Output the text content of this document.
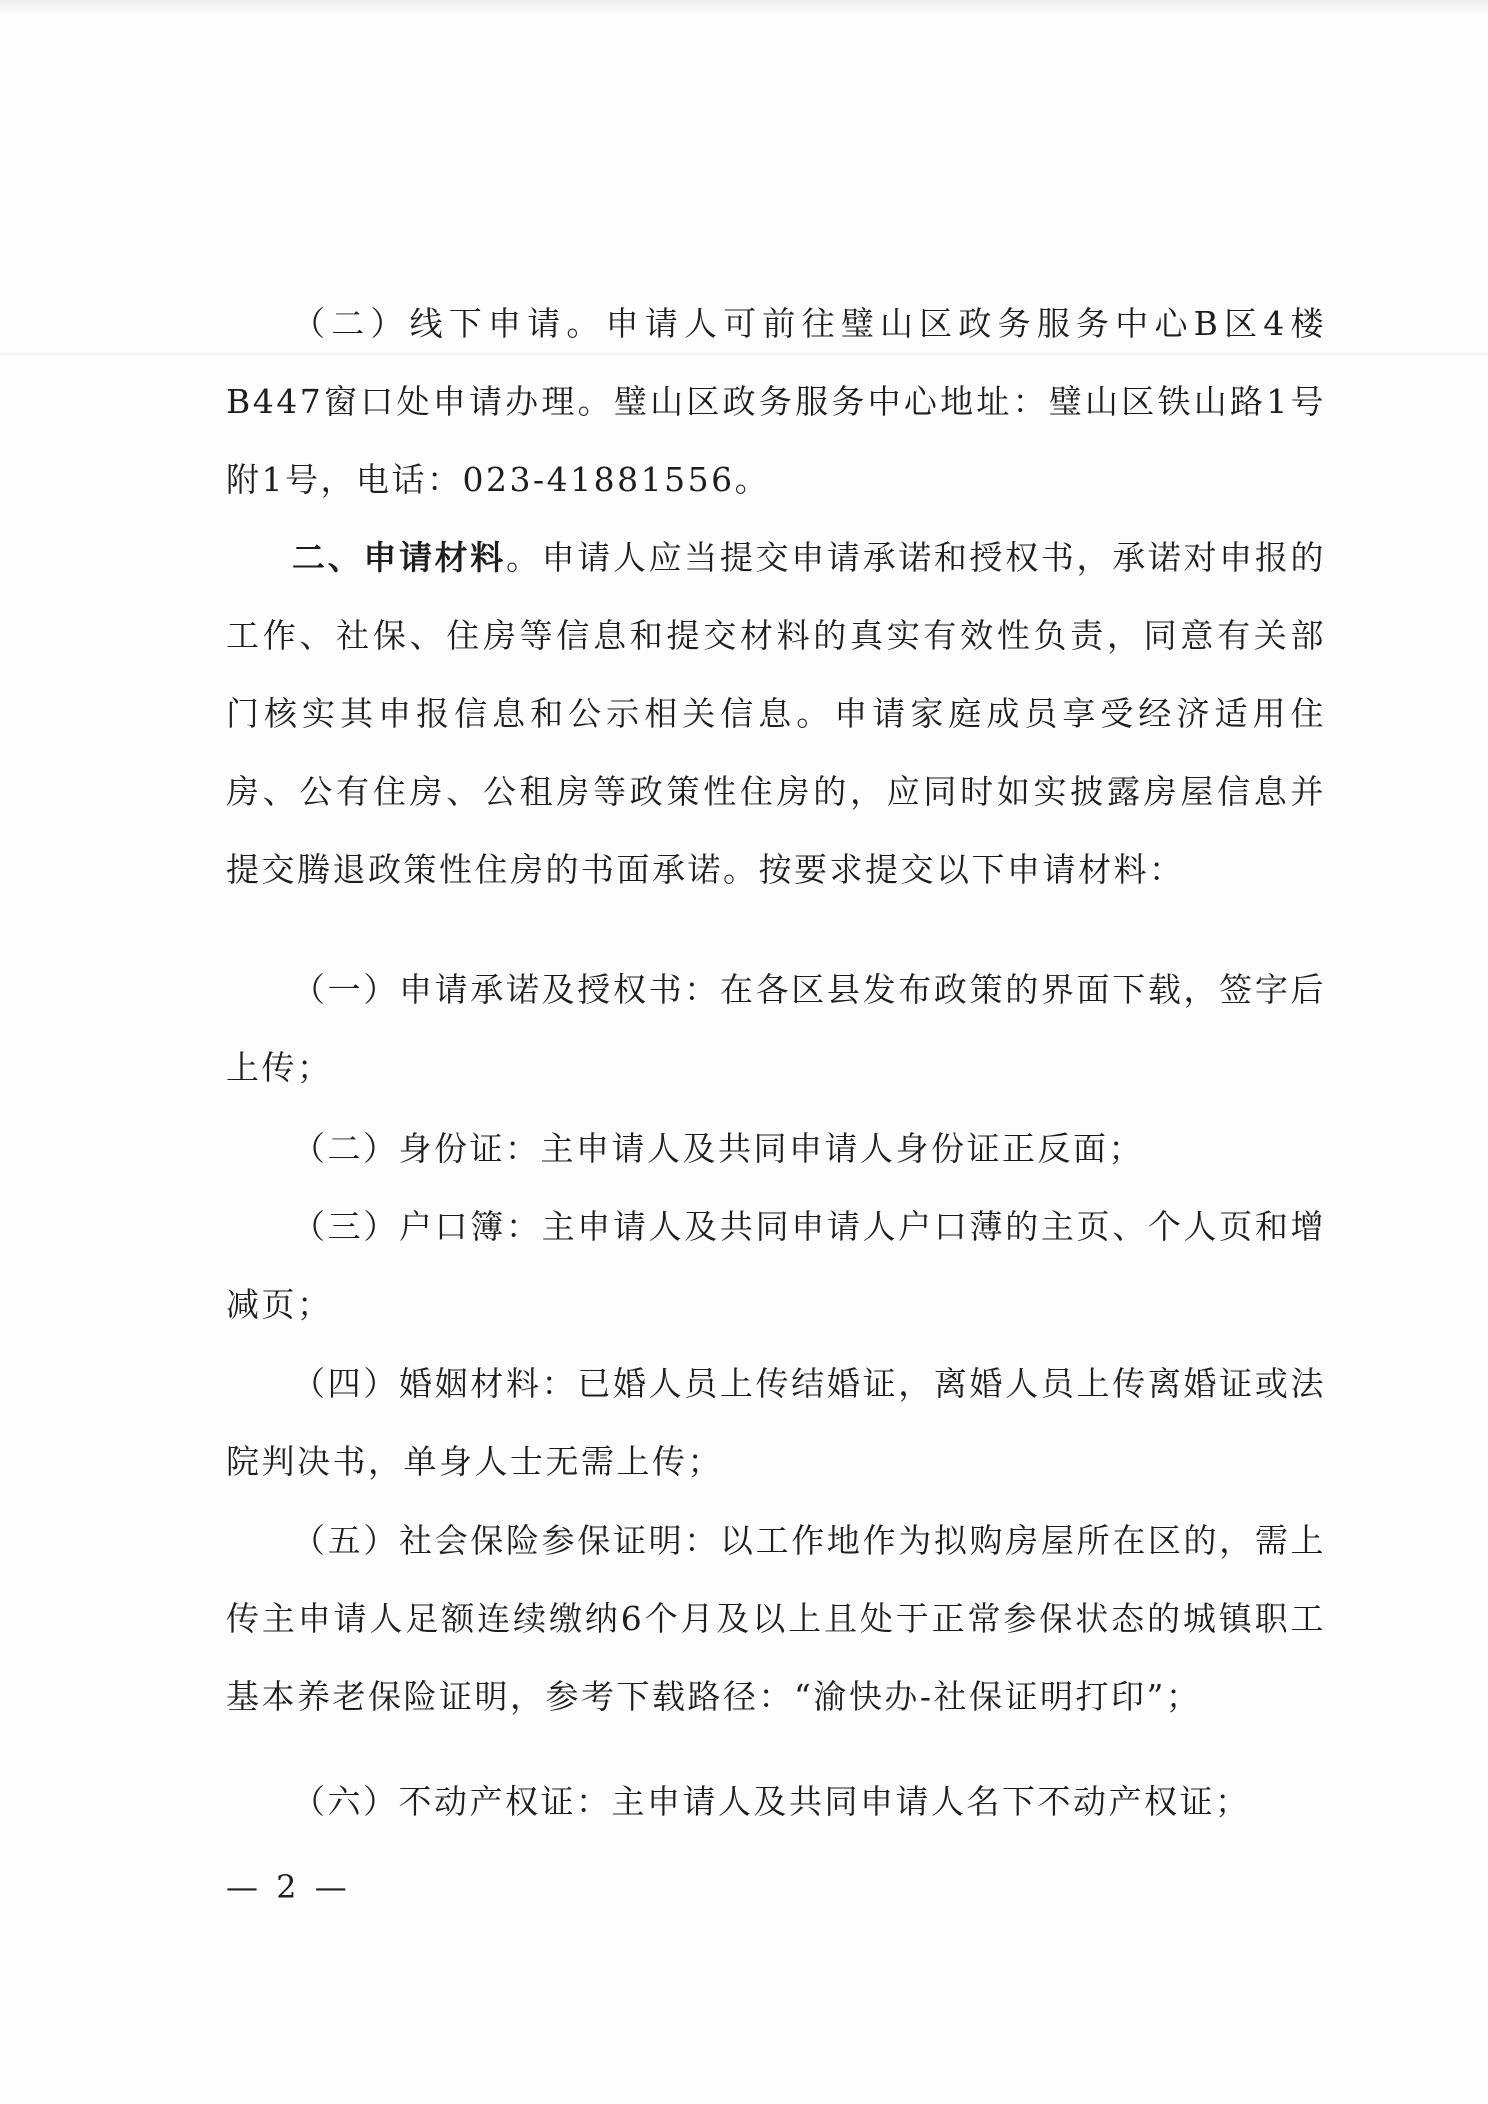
（二）线下申请。申请人可前往璧山区政务服务中心B区4楼B447窗口处申请办理。璧山区政务服务中心地址：璧山区铁山路1号附1号，电话：023-41881556。

二、申请材料。申请人应当提交申请承诺和授权书，承诺对申报的工作、社保、住房等信息和提交材料的真实有效性负责，同意有关部门核实其申报信息和公示相关信息。申请家庭成员享受经济适用住房、公有住房、公租房等政策性住房的，应同时如实披露房屋信息并提交腾退政策性住房的书面承诺。按要求提交以下申请材料：

（一）申请承诺及授权书：在各区县发布政策的界面下载，签字后上传；

（二）身份证：主申请人及共同申请人身份证正反面；

（三）户口簿：主申请人及共同申请人户口薄的主页、个人页和增减页；

（四）婚姻材料：已婚人员上传结婚证，离婚人员上传离婚证或法院判决书，单身人士无需上传；

（五）社会保险参保证明：以工作地作为拟购房屋所在区的，需上传主申请人足额连续缴纳6个月及以上且处于正常参保状态的城镇职工基本养老保险证明，参考下载路径：“渝快办-社保证明打印”；

（六）不动产权证：主申请人及共同申请人名下不动产权证；

— 2 —
